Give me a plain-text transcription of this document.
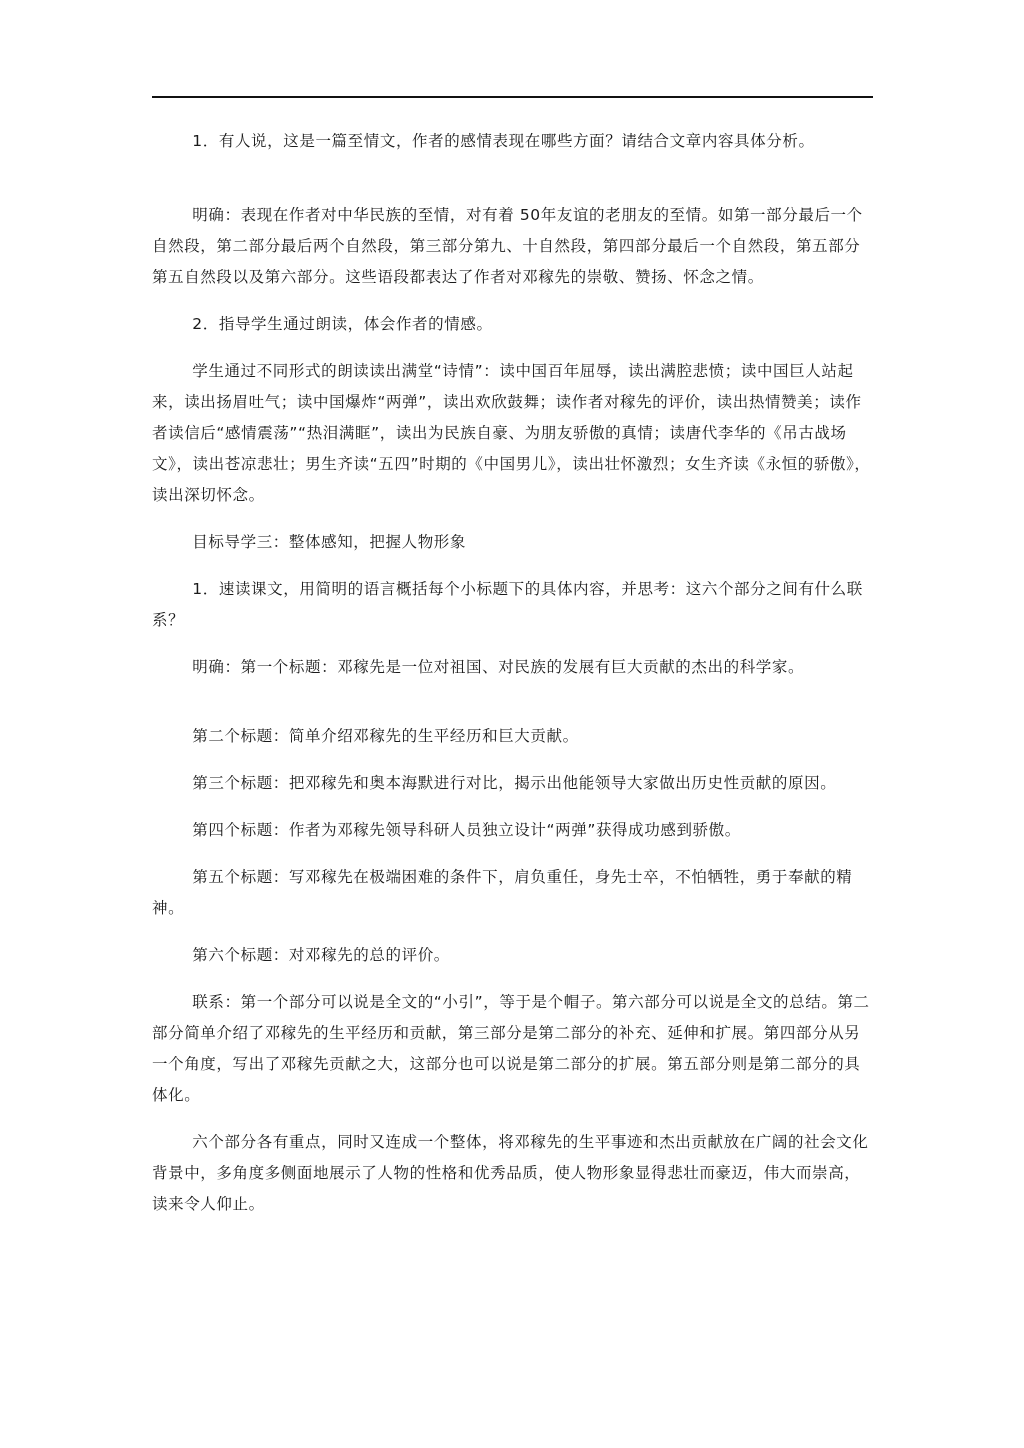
1．有人说，这是一篇至情文，作者的感情表现在哪些方面？请结合文章内容具体分析。

明确：表现在作者对中华民族的至情，对有着 50年友谊的老朋友的至情。如第一部分最后一个自然段，第二部分最后两个自然段，第三部分第九、十自然段，第四部分最后一个自然段，第五部分第五自然段以及第六部分。这些语段都表达了作者对邓稼先的崇敬、赞扬、怀念之情。

2．指导学生通过朗读，体会作者的情感。

学生通过不同形式的朗读读出满堂“诗情”：读中国百年屈辱，读出满腔悲愤；读中国巨人站起来，读出扬眉吐气；读中国爆炸“两弹”，读出欢欣鼓舞；读作者对稼先的评价，读出热情赞美；读作者读信后“感情震荡”“热泪满眶”，读出为民族自豪、为朋友骄傲的真情；读唐代李华的《吊古战场文》，读出苍凉悲壮；男生齐读“五四”时期的《中国男儿》，读出壮怀激烈；女生齐读《永恒的骄傲》，读出深切怀念。

目标导学三：整体感知，把握人物形象

1．速读课文，用简明的语言概括每个小标题下的具体内容，并思考：这六个部分之间有什么联系？

明确：第一个标题：邓稼先是一位对祖国、对民族的发展有巨大贡献的杰出的科学家。

第二个标题：简单介绍邓稼先的生平经历和巨大贡献。

第三个标题：把邓稼先和奥本海默进行对比，揭示出他能领导大家做出历史性贡献的原因。

第四个标题：作者为邓稼先领导科研人员独立设计“两弹”获得成功感到骄傲。

第五个标题：写邓稼先在极端困难的条件下，肩负重任，身先士卒，不怕牺牲，勇于奉献的精神。

第六个标题：对邓稼先的总的评价。

联系：第一个部分可以说是全文的“小引”，等于是个帽子。第六部分可以说是全文的总结。第二部分简单介绍了邓稼先的生平经历和贡献，第三部分是第二部分的补充、延伸和扩展。第四部分从另一个角度，写出了邓稼先贡献之大，这部分也可以说是第二部分的扩展。第五部分则是第二部分的具体化。

六个部分各有重点，同时又连成一个整体，将邓稼先的生平事迹和杰出贡献放在广阔的社会文化背景中，多角度多侧面地展示了人物的性格和优秀品质，使人物形象显得悲壮而豪迈，伟大而崇高，读来令人仰止。
